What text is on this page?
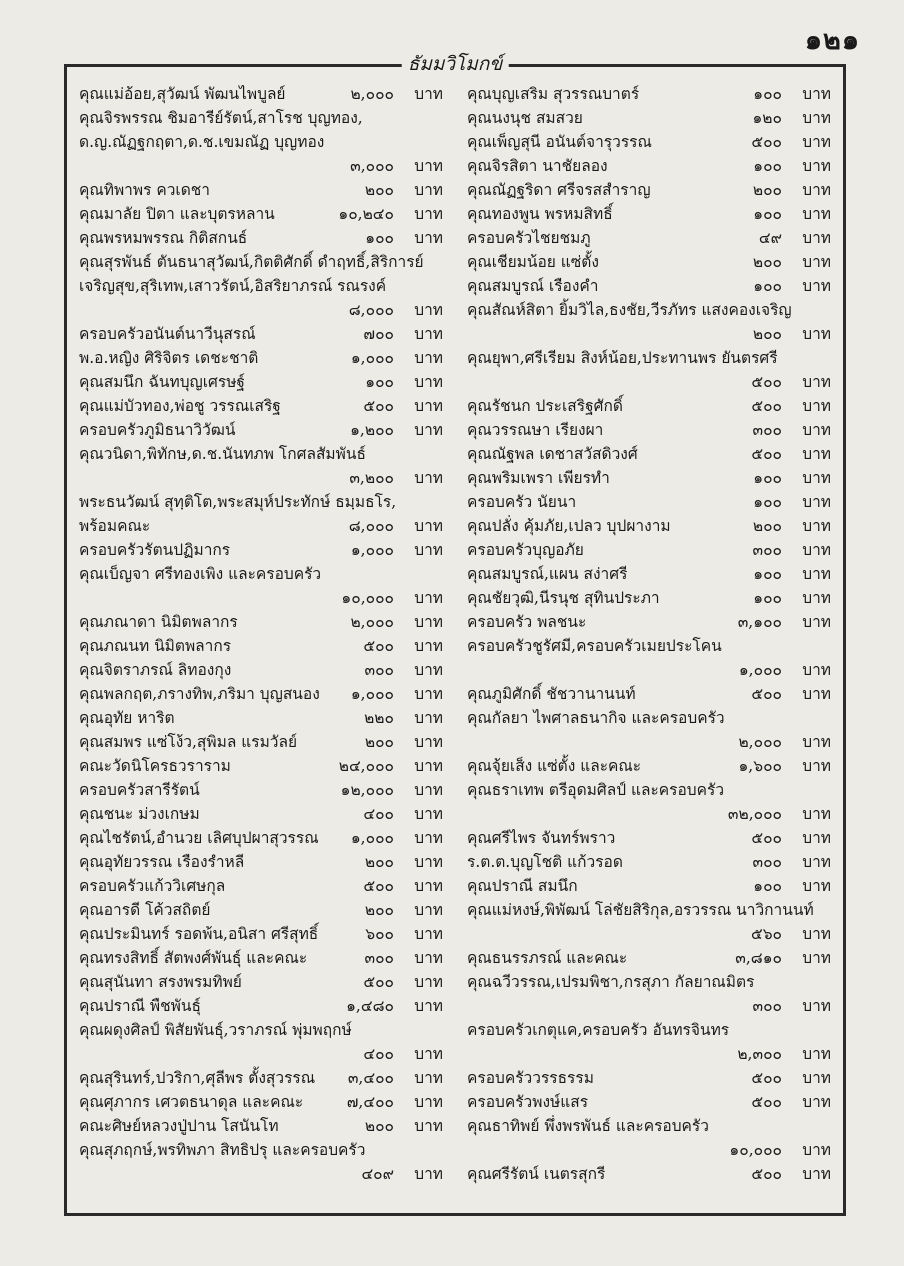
๑๒๑
ธัมมวิโมกข์
คุณแม่อ้อย,สุวัฒน์ พัฒนไพบูลย์	๒,๐๐๐ บาท
คุณจิรพรรณ ชิมอารีย์รัตน์,สาโรช บุญทอง,
ด.ญ.ณัฏฐกฤตา,ด.ช.เขมณัฏ บุญทอง
๓,๐๐๐ บาท
คุณทิพาพร ควเดชา	๒๐๐ บาท
คุณมาลัย ปิตา และบุตรหลาน	๑๐,๒๔๐ บาท
คุณพรหมพรรณ กิติสกนธ์	๑๐๐ บาท
คุณสุรพันธ์ ตันธนาสุวัฒน์,กิตติศักดิ์ ดำฤทธิ์,สิริการย์
เจริญสุข,สุริเทพ,เสาวรัตน์,อิสริยาภรณ์ รณรงค์
๘,๐๐๐ บาท
ครอบครัวอนันต์นาวีนุสรณ์	๗๐๐ บาท
พ.อ.หญิง ศิริจิตร เดชะชาติ	๑,๐๐๐ บาท
คุณสมนึก ฉันทบุญเศรษฐ์	๑๐๐ บาท
คุณแม่บัวทอง,พ่อชู วรรณเสริฐ	๕๐๐ บาท
ครอบครัวภูมิธนาวิวัฒน์	๑,๒๐๐ บาท
คุณวนิดา,พิทักษ,ด.ช.นันทภพ โกศลสัมพันธ์
๓,๒๐๐ บาท
พระธนวัฒน์ สุทฺติโต,พระสมุห์ประทักษ์ ธมฺมธโร,
พร้อมคณะ	๘,๐๐๐ บาท
ครอบครัวรัตนปฏิมากร	๑,๐๐๐ บาท
คุณเบ็ญจา ศรีทองเพิง และครอบครัว
๑๐,๐๐๐ บาท
คุณภณาดา นิมิตพลากร	๒,๐๐๐ บาท
คุณภณนท นิมิตพลากร	๕๐๐ บาท
คุณจิตราภรณ์ ลิทองกุง	๓๐๐ บาท
คุณพลกฤต,ภรางทิพ,ภริมา บุญสนอง ๑,๐๐๐ บาท
คุณอุทัย หาริต	๒๒๐ บาท
คุณสมพร แซ่โง้ว,สุพิมล แรมวัลย์	๒๐๐ บาท
คณะวัดนิโครธวราราม	๒๔,๐๐๐ บาท
ครอบครัวสารีรัตน์	๑๒,๐๐๐ บาท
คุณชนะ ม่วงเกษม	๔๐๐ บาท
คุณไชรัตน์,อำนวย เลิศบุปผาสุวรรณ ๑,๐๐๐ บาท
คุณอุทัยวรรณ เรืองรำหลี	๒๐๐ บาท
ครอบครัวแก้ววิเศษกุล	๕๐๐ บาท
คุณอารดี โค้วสถิตย์	๒๐๐ บาท
คุณประมินทร์ รอดพ้น,อนิสา ศรีสุทธิ์	๖๐๐ บาท
คุณทรงสิทธิ์ สัตพงศ์พันธุ์ และคณะ	๓๐๐ บาท
คุณสุนันทา สรงพรมทิพย์	๕๐๐ บาท
คุณปราณี พืชพันธุ์	๑,๔๘๐ บาท
คุณผดุงศิลป์ พิสัยพันธุ์,วราภรณ์ พุ่มพฤกษ์
๔๐๐ บาท
คุณสุรินทร์,ปวริกา,ศุลีพร ตั้งสุวรรณ ๓,๔๐๐ บาท
คุณศุภากร เศวตธนาดุล และคณะ	๗,๔๐๐ บาท
คณะศิษย์หลวงปู่ปาน โสนันโท	๒๐๐ บาท
คุณสุภฤกษ์,พรทิพภา สิทธิปรุ และครอบครัว
๔๐๙ บาท
คุณบุญเสริม สุวรรณบาตร์	๑๐๐ บาท
คุณนงนุช สมสวย	๑๒๐ บาท
คุณเพ็ญสุนี อนันต์จารุวรรณ	๕๐๐ บาท
คุณจิรสิตา นาชัยลอง	๑๐๐ บาท
คุณณัฏฐริดา ศรีจรสสำราญ	๒๐๐ บาท
คุณทองพูน พรหมสิทธิ์	๑๐๐ บาท
ครอบครัวไชยชมภู	๔๙ บาท
คุณเชียมน้อย แซ่ตั้ง	๒๐๐ บาท
คุณสมบูรณ์ เรืองคำ	๑๐๐ บาท
คุณสัณห์สิตา ยิ้มวิไล,ธงชัย,วีรภัทร แสงคองเจริญ
๒๐๐ บาท
คุณยุพา,ศรีเรียม สิงห์น้อย,ประทานพร ยันตรศรี
๕๐๐ บาท
คุณรัชนก ประเสริฐศักดิ์	๕๐๐ บาท
คุณวรรณษา เรียงผา	๓๐๐ บาท
คุณณัฐพล เดชาสวัสดิวงศ์	๕๐๐ บาท
คุณพริมเพรา เพียรทำ	๑๐๐ บาท
ครอบครัว นัยนา	๑๐๐ บาท
คุณปลั่ง คุ้มภัย,เปลว บุปผางาม	๒๐๐ บาท
ครอบครัวบุญอภัย	๓๐๐ บาท
คุณสมบูรณ์,แผน สง่าศรี	๑๐๐ บาท
คุณชัยวุฒิ,นีรนุช สุทินประภา	๑๐๐ บาท
ครอบครัว พลชนะ	๓,๑๐๐ บาท
ครอบครัวชูรัศมี,ครอบครัวเมยประโคน
๑,๐๐๐ บาท
คุณภูมิศักดิ์ ชัชวานานนท์	๕๐๐ บาท
คุณกัลยา ไพศาลธนากิจ และครอบครัว
๒,๐๐๐ บาท
คุณจุ้ยเส็ง แซ่ตั้ง และคณะ	๑,๖๐๐ บาท
คุณธราเทพ ตรีอุดมศิลป์ และครอบครัว
๓๒,๐๐๐ บาท
คุณศรีไพร จันทร์พราว	๕๐๐ บาท
ร.ต.ต.บุญโชติ แก้วรอด	๓๐๐ บาท
คุณปราณี สมนึก	๑๐๐ บาท
คุณแม่หงษ์,พิพัฒน์ โล่ชัยสิริกุล,อรวรรณ นาวิกานนท์
๕๖๐ บาท
คุณธนรรภรณ์ และคณะ	๓,๘๑๐ บาท
คุณฉวีวรรณ,เปรมพิชา,กรสุภา กัลยาณมิตร
๓๐๐ บาท
ครอบครัวเกตุแค,ครอบครัว อันทรจินทร
๒,๓๐๐ บาท
ครอบครัววรรธรรม	๕๐๐ บาท
ครอบครัวพงษ์แสร	๕๐๐ บาท
คุณธาทิพย์ พึ่งพรพันธ์ และครอบครัว
๑๐,๐๐๐ บาท
คุณศรีรัตน์ เนตรสุกรี	๕๐๐ บาท
